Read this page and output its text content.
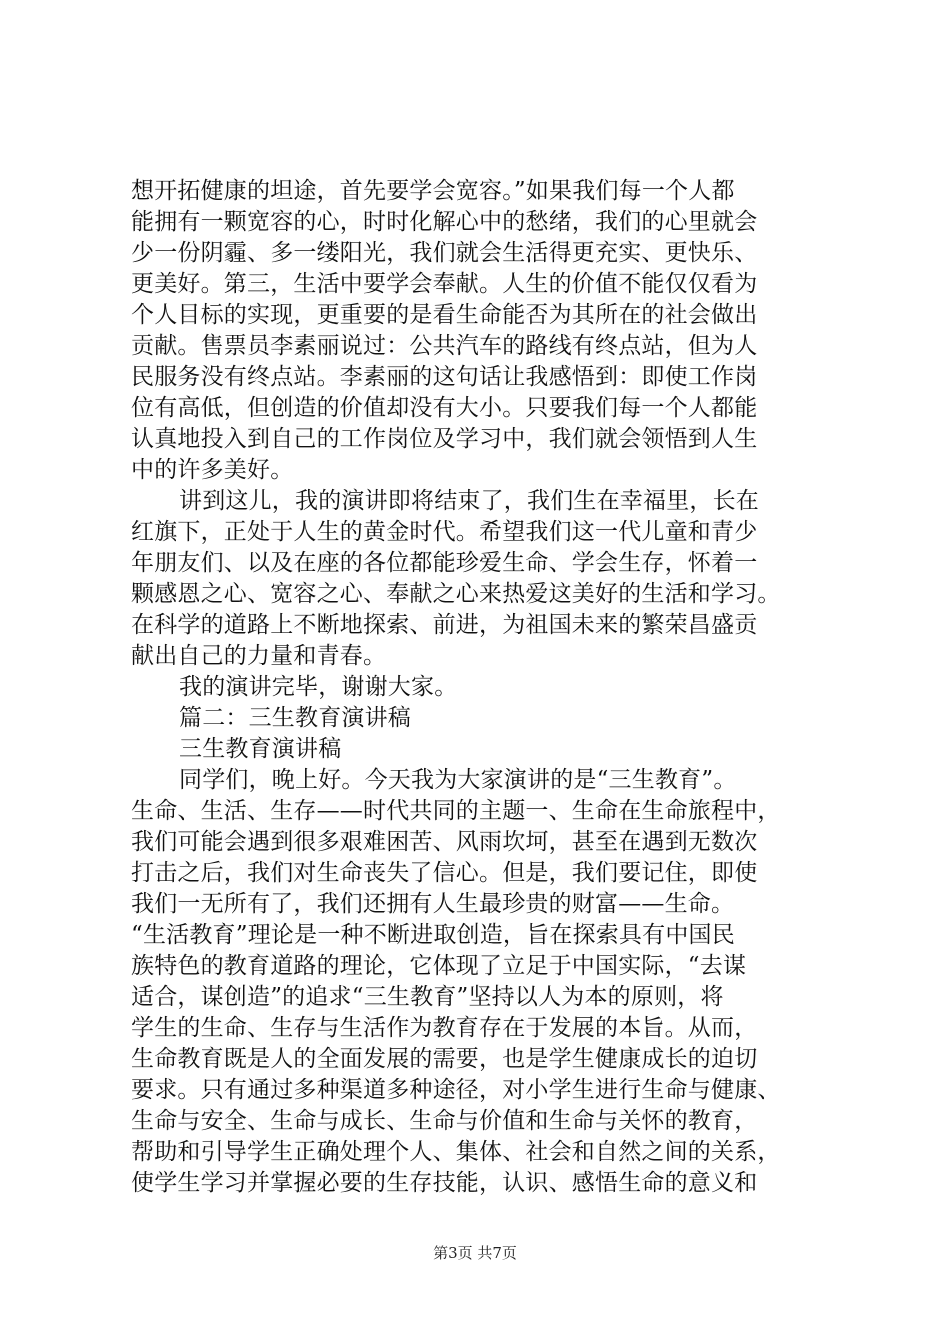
想开拓健康的坦途，首先要学会宽容。”如果我们每一个人都
能拥有一颗宽容的心，时时化解心中的愁绪，我们的心里就会
少一份阴霾、多一缕阳光，我们就会生活得更充实、更快乐、
更美好。第三，生活中要学会奉献。人生的价值不能仅仅看为
个人目标的实现，更重要的是看生命能否为其所在的社会做出
贡献。售票员李素丽说过：公共汽车的路线有终点站，但为人
民服务没有终点站。李素丽的这句话让我感悟到：即使工作岗
位有高低，但创造的价值却没有大小。只要我们每一个人都能
认真地投入到自己的工作岗位及学习中，我们就会领悟到人生
中的许多美好。
讲到这儿，我的演讲即将结束了，我们生在幸福里，长在
红旗下，正处于人生的黄金时代。希望我们这一代儿童和青少
年朋友们、以及在座的各位都能珍爱生命、学会生存，怀着一
颗感恩之心、宽容之心、奉献之心来热爱这美好的生活和学习。
在科学的道路上不断地探索、前进，为祖国未来的繁荣昌盛贡
献出自己的力量和青春。
我的演讲完毕，谢谢大家。
篇二：三生教育演讲稿
三生教育演讲稿
同学们，晚上好。今天我为大家演讲的是“三生教育”。
生命、生活、生存——时代共同的主题一、生命在生命旅程中，
我们可能会遇到很多艰难困苦、风雨坎坷，甚至在遇到无数次
打击之后，我们对生命丧失了信心。但是，我们要记住，即使
我们一无所有了，我们还拥有人生最珍贵的财富——生命。
“生活教育”理论是一种不断进取创造，旨在探索具有中国民
族特色的教育道路的理论，它体现了立足于中国实际，“去谋
适合，谋创造”的追求“三生教育”坚持以人为本的原则，将
学生的生命、生存与生活作为教育存在于发展的本旨。从而，
生命教育既是人的全面发展的需要，也是学生健康成长的迫切
要求。只有通过多种渠道多种途径，对小学生进行生命与健康、
生命与安全、生命与成长、生命与价值和生命与关怀的教育，
帮助和引导学生正确处理个人、集体、社会和自然之间的关系，
使学生学习并掌握必要的生存技能，认识、感悟生命的意义和
第3页 共7页
